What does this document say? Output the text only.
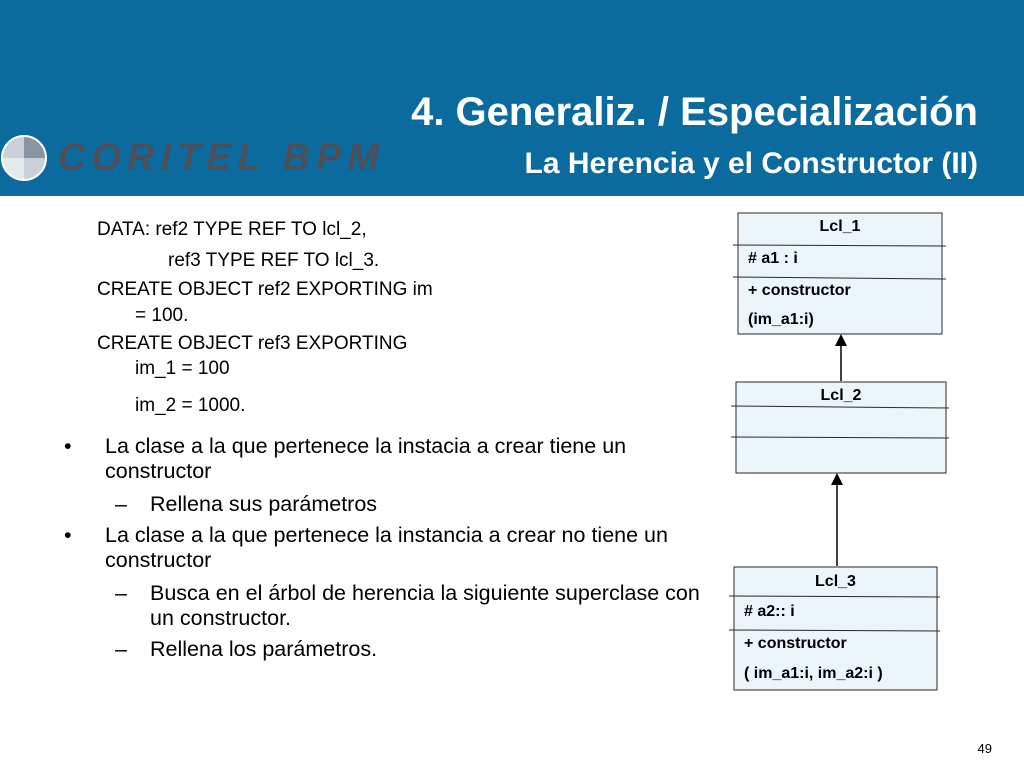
CORITEL BPM
4. Generaliz. / Especialización
La Herencia y el Constructor (II)
DATA: ref2 TYPE REF TO lcl_2,
ref3 TYPE REF TO lcl_3.
CREATE OBJECT ref2 EXPORTING im
= 100.
CREATE OBJECT ref3 EXPORTING
im_1 = 100
im_2 = 1000.
• La clase a la que pertenece la instacia a crear tiene un constructor
– Rellena sus parámetros
• La clase a la que pertenece la instancia a crear no tiene un constructor
– Busca en el árbol de herencia la siguiente superclase con un constructor.
– Rellena los parámetros.
Lcl_1
# a1 : i
+ constructor
(im_a1:i)
Lcl_2
Lcl_3
# a2:: i
+ constructor
( im_a1:i, im_a2:i )
49
